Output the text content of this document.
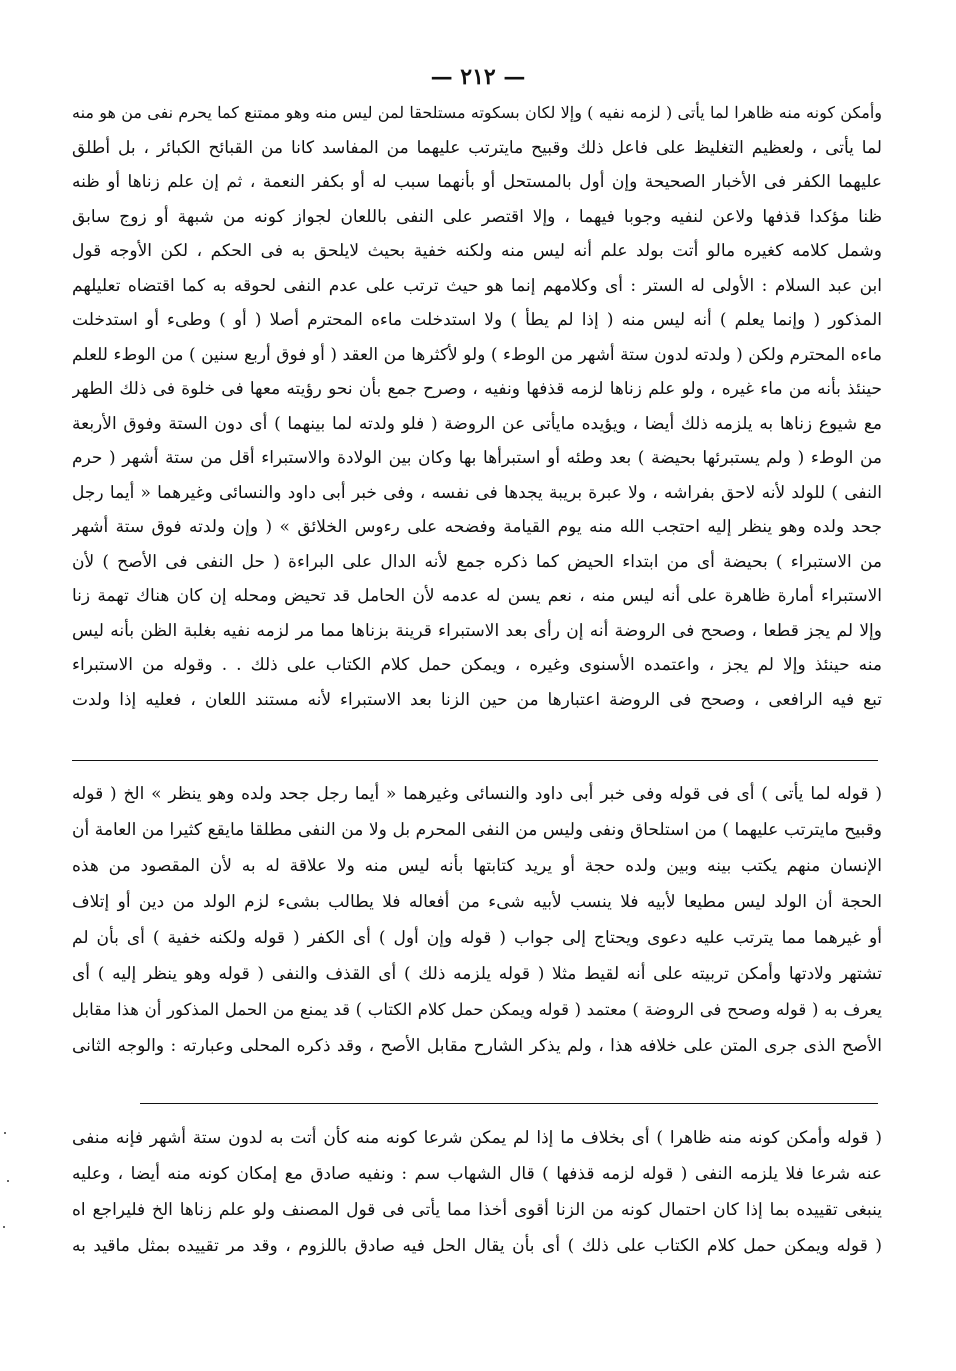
— ۲۱۲ —
وأمكن كونه منه ظاهرا لما يأتى ( لزمه نفيه ) وإلا لكان بسكوته مستلحقا لمن ليس منه وهو ممتنع كما يحرم نفى من هو منه
لما يأتى ، ولعظيم التغليظ على فاعل ذلك وقبيح مايترتب عليهما من المفاسد كانا من القبائح الكبائر ، بل أطلق
عليهما الكفر فى الأخبار الصحيحة وإن أول بالمستحل أو بأنهما سبب له أو بكفر النعمة ، ثم إن علم زناها أو ظنه
ظنا مؤكدا قذفها ولاعن لنفيه وجوبا فيهما ، وإلا اقتصر على النفى باللعان لجواز كونه من شبهة أو زوج سابق
وشمل كلامه كغيره مالو أتت بولد علم أنه ليس منه ولكنه خفية بحيث لايلحق به فى الحكم ، لكن الأوجه قول
ابن عبد السلام : الأولى له الستر : أى وكلامهم إنما هو حيث ترتب على عدم النفى لحوقه به كما اقتضاه تعليلهم
المذكور ( وإنما يعلم ) أنه ليس منه ( إذا لم يطأ ) ولا استدخلت ماءه المحترم أصلا ( أو ) وطىء أو استدخلت
ماءه المحترم ولكن ( ولدته لدون ستة أشهر من الوطء ) ولو لأكثرها من العقد ( أو فوق أربع سنين ) من الوطء للعلم
حينئذ بأنه من ماء غيره ، ولو علم زناها لزمه قذفها ونفيه ، وصرح جمع بأن نحو رؤيته معها فى خلوة فى ذلك الطهر
مع شيوع زناها به يلزمه ذلك أيضا ، ويؤيده مايأتى عن الروضة ( فلو ولدته لما بينهما ) أى دون الستة وفوق الأربعة
من الوطء ( ولم يستبرئها بحيضة ) بعد وطئه أو استبرأها بها وكان بين الولادة والاستبراء أقل من ستة أشهر ( حرم
النفى ) للولد لأنه لاحق بفراشه ، ولا عبرة بريبة يجدها فى نفسه ، وفى خبر أبى داود والنسائى وغيرهما « أيما رجل
جحد ولده وهو ينظر إليه احتجب الله منه يوم القيامة وفضحه على رءوس الخلائق » ( وإن ولدته فوق ستة أشهر
من الاستبراء ) بحيضة أى من ابتداء الحيض كما ذكره جمع لأنه الدال على البراءة ( حل النفى فى الأصح ) لأن
الاستبراء أمارة ظاهرة على أنه ليس منه ، نعم يسن له عدمه لأن الحامل قد تحيض ومحله إن كان هناك تهمة زنا
وإلا لم يجز قطعا ، وصحح فى الروضة أنه إن رأى بعد الاستبراء قرينة بزناها مما مر لزمه نفيه بغلبة الظن بأنه ليس
منه حينئذ وإلا لم يجز ، واعتمده الأسنوى وغيره ، ويمكن حمل كلام الكتاب على ذلك . . وقوله من الاستبراء
تبع فيه الرافعى ، وصحح فى الروضة اعتبارها من حين الزنا بعد الاستبراء لأنه مستند اللعان ، فعليه إذا ولدت
( قوله لما يأتى ) أى فى قوله وفى خبر أبى داود والنسائى وغيرهما « أيما رجل جحد ولده وهو ينظر » الخ ( قوله
وقبيح مايترتب عليهما ) من استلحاق ونفى وليس من النفى المحرم بل ولا من النفى مطلقا مايقع كثيرا من العامة أن
الإنسان منهم يكتب بينه وبين ولده حجة أو يريد كتابتها بأنه ليس منه ولا علاقة له به لأن المقصود من هذه
الحجة أن الولد ليس مطيعا لأبيه فلا ينسب لأبيه شىء من أفعاله فلا يطالب بشىء لزم الولد من دين أو إتلاف
أو غيرهما مما يترتب عليه دعوى ويحتاج إلى جواب ( قوله وإن أول ) أى الكفر ( قوله ولكنه خفية ) أى بأن لم
تشتهر ولادتها وأمكن تربيته على أنه لقيط مثلا ( قوله يلزمه ذلك ) أى القذف والنفى ( قوله وهو ينظر إليه ) أى
يعرف به ( قوله وصحح فى الروضة ) معتمد ( قوله ويمكن حمل كلام الكتاب ) قد يمنع من الحمل المذكور أن هذا مقابل
الأصح الذى جرى المتن على خلافه هذا ، ولم يذكر الشارح مقابل الأصح ، وقد ذكره المحلى وعبارته : والوجه الثانى
( قوله وأمكن كونه منه ظاهرا ) أى بخلاف ما إذا لم يمكن شرعا كونه منه كأن أتت به لدون ستة أشهر فإنه منفى
عنه شرعا فلا يلزمه النفى ( قوله لزمه قذفها ) قال الشهاب سم : ونفيه صادق مع إمكان كونه منه أيضا ، وعليه
ينبغى تقييده بما إذا كان احتمال كونه من الزنا أقوى أخذا مما يأتى فى قول المصنف ولو علم زناها الخ فليراجع اه
( قوله ويمكن حمل كلام الكتاب على ذلك ) أى بأن يقال الحل فيه صادق باللزوم ، وقد مر تقييده بمثل ماقيد به
